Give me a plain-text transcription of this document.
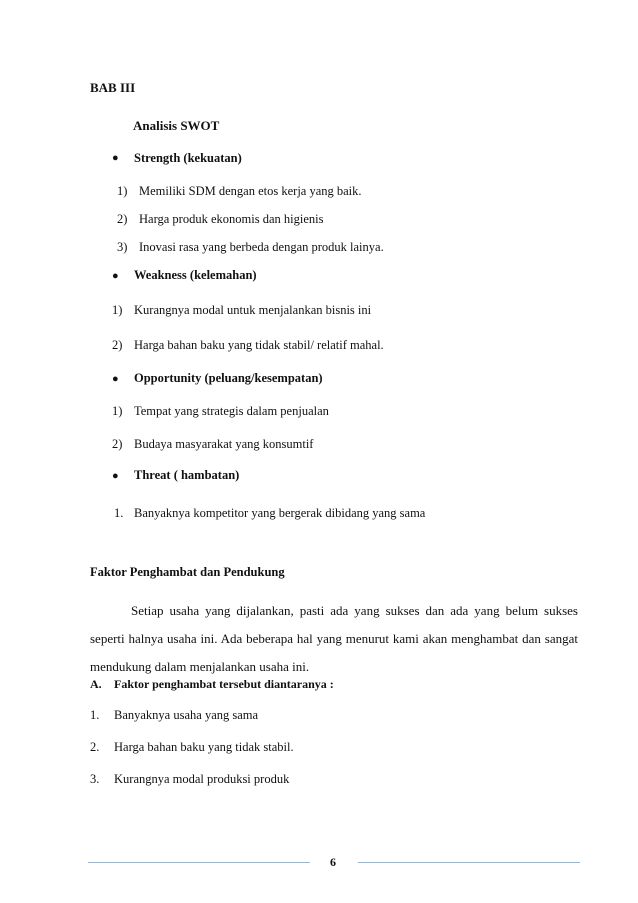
BAB III
Analisis SWOT
● Strength (kekuatan)
1) Memiliki SDM dengan etos kerja yang baik.
2) Harga produk ekonomis dan higienis
3) Inovasi rasa yang berbeda dengan produk lainya.
● Weakness (kelemahan)
1) Kurangnya modal untuk menjalankan bisnis ini
2) Harga bahan baku yang tidak stabil/ relatif mahal.
● Opportunity (peluang/kesempatan)
1) Tempat yang strategis dalam penjualan
2) Budaya masyarakat yang konsumtif
● Threat ( hambatan)
1. Banyaknya kompetitor yang bergerak dibidang yang sama
Faktor Penghambat dan Pendukung
Setiap usaha yang dijalankan, pasti ada yang sukses dan ada yang belum sukses seperti halnya usaha ini. Ada beberapa hal yang menurut kami akan menghambat dan sangat mendukung dalam menjalankan usaha ini.
A. Faktor penghambat tersebut diantaranya :
1. Banyaknya usaha yang sama
2. Harga bahan baku yang tidak stabil.
3. Kurangnya modal produksi produk
6
